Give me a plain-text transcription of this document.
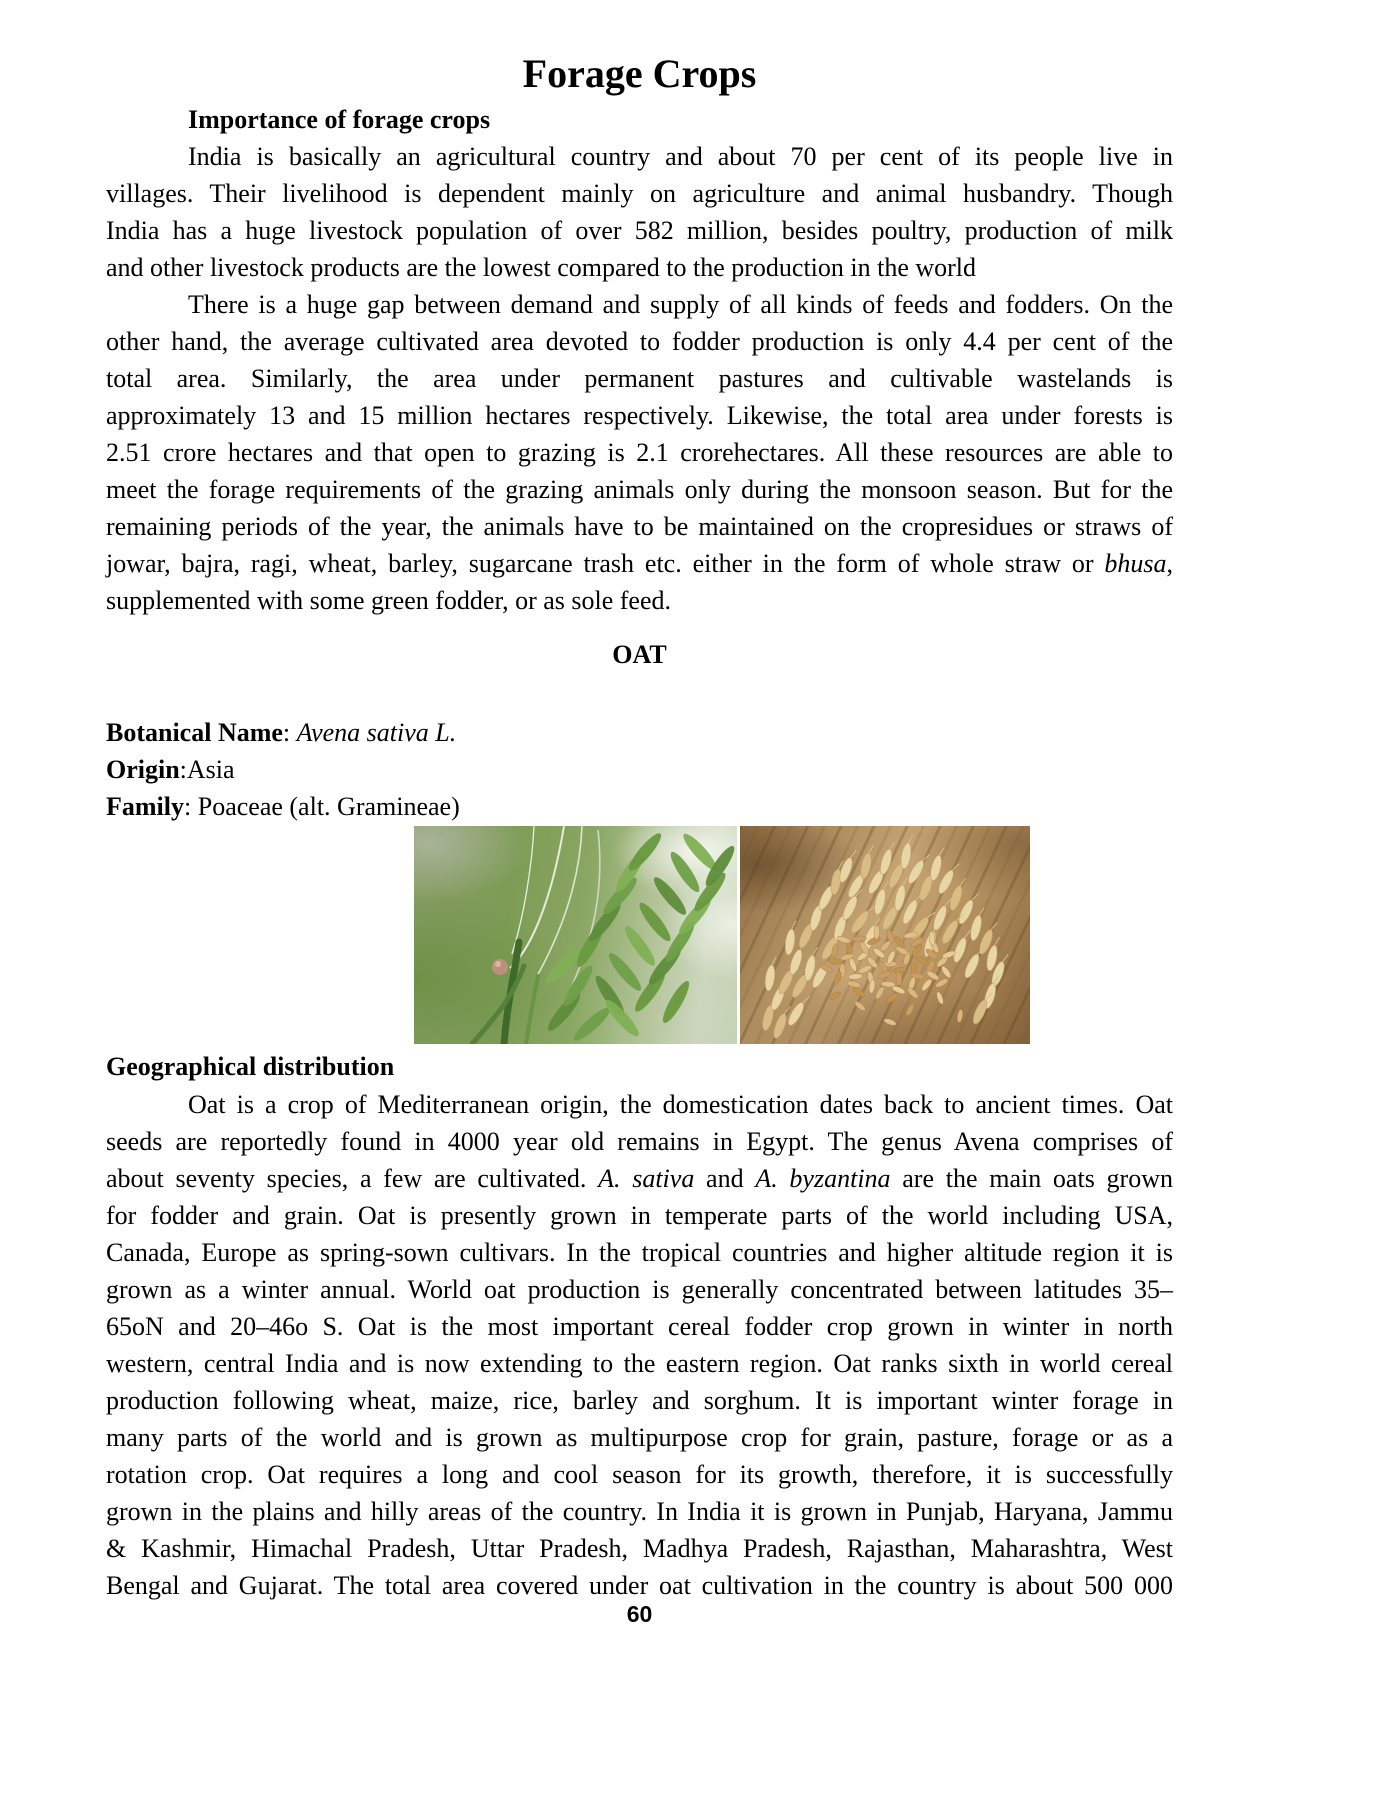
Forage Crops
Importance of forage crops
India is basically an agricultural country and about 70 per cent of its people live in
villages. Their livelihood is dependent mainly on agriculture and animal husbandry. Though
India has a huge livestock population of over 582 million, besides poultry, production of milk
and other livestock products are the lowest compared to the production in the world
There is a huge gap between demand and supply of all kinds of feeds and fodders. On the
other hand, the average cultivated area devoted to fodder production is only 4.4 per cent of the
total area. Similarly, the area under permanent pastures and cultivable wastelands is
approximately 13 and 15 million hectares respectively. Likewise, the total area under forests is
2.51 crore hectares and that open to grazing is 2.1 crorehectares. All these resources are able to
meet the forage requirements of the grazing animals only during the monsoon season. But for the
remaining periods of the year, the animals have to be maintained on the cropresidues or straws of
jowar, bajra, ragi, wheat, barley, sugarcane trash etc. either in the form of whole straw or bhusa,
supplemented with some green fodder, or as sole feed.
OAT
Botanical Name: Avena sativa L.
Origin:Asia
Family: Poaceae (alt. Gramineae)
Geographical distribution
Oat is a crop of Mediterranean origin, the domestication dates back to ancient times. Oat
seeds are reportedly found in 4000 year old remains in Egypt. The genus Avena comprises of
about seventy species, a few are cultivated. A. sativa and A. byzantina are the main oats grown
for fodder and grain. Oat is presently grown in temperate parts of the world including USA,
Canada, Europe as spring-sown cultivars. In the tropical countries and higher altitude region it is
grown as a winter annual. World oat production is generally concentrated between latitudes 35–
65oN and 20–46o S. Oat is the most important cereal fodder crop grown in winter in north
western, central India and is now extending to the eastern region. Oat ranks sixth in world cereal
production following wheat, maize, rice, barley and sorghum. It is important winter forage in
many parts of the world and is grown as multipurpose crop for grain, pasture, forage or as a
rotation crop. Oat requires a long and cool season for its growth, therefore, it is successfully
grown in the plains and hilly areas of the country. In India it is grown in Punjab, Haryana, Jammu
& Kashmir, Himachal Pradesh, Uttar Pradesh, Madhya Pradesh, Rajasthan, Maharashtra, West
Bengal and Gujarat. The total area covered under oat cultivation in the country is about 500 000
60
